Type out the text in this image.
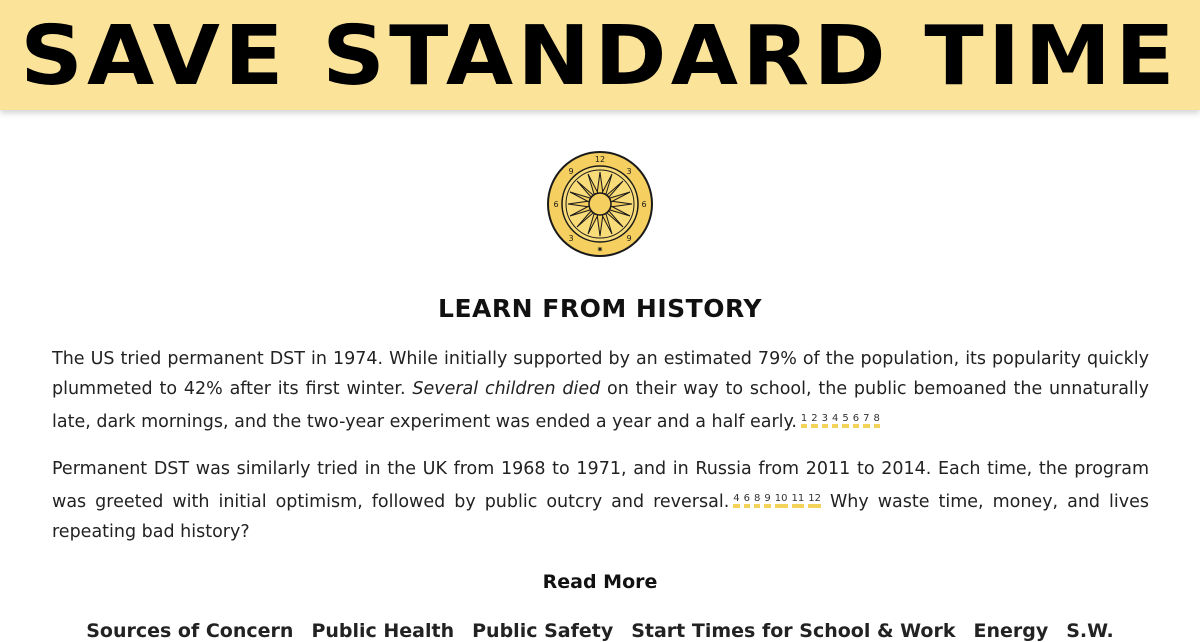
SAVE STANDARD TIME
12
3
9
6
6
9
3
✷
LEARN FROM HISTORY

The US tried permanent DST in 1974. While initially supported by an estimated 79% of the population, its popularity quickly plummeted to 42% after its first winter. Several children died on their way to school, the public bemoaned the unnaturally late, dark mornings, and the two-year experiment was ended a year and a half early. $^{1 2 3 4 5 6 7 8}$

Permanent DST was similarly tried in the UK from 1968 to 1971, and in Russia from 2011 to 2014. Each time, the program was greeted with initial optimism, followed by public outcry and reversal. $^{4 6 8 9 10 11 12}$ Why waste time, money, and lives repeating bad history?

Read More
Sources of Concern Public Health Public Safety Start Times for School & Work Energy S.W.
